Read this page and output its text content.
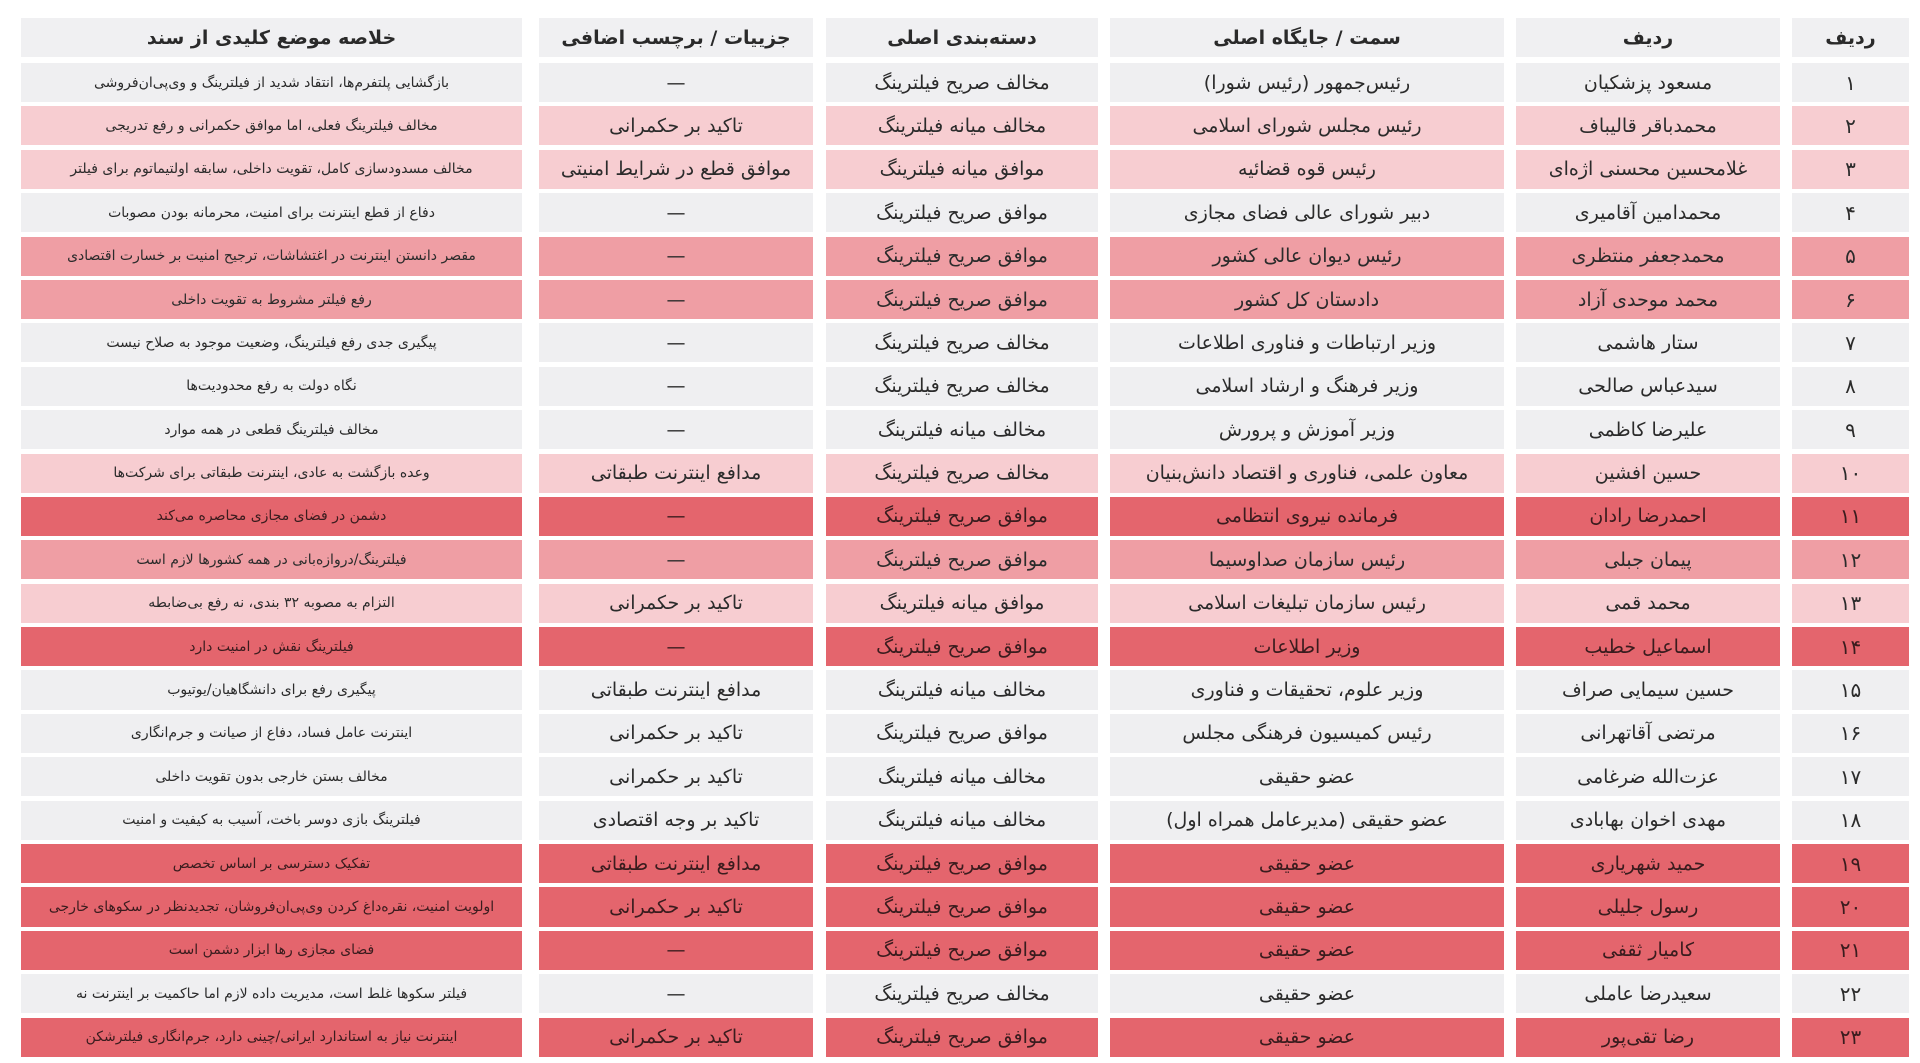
ردیف
ردیف
سمت / جایگاه اصلی
دسته‌بندی اصلی
جزییات / برچسب اضافی
خلاصه موضع کلیدی از سند
۱
مسعود پزشکیان
رئیس‌جمهور (رئیس شورا)
مخالف صریح فیلترینگ
—
بازگشایی پلتفرم‌ها، انتقاد شدید از فیلترینگ و وی‌پی‌ان‌فروشی
۲
محمدباقر قالیباف
رئیس مجلس شورای اسلامی
مخالف میانه فیلترینگ
تاکید بر حکمرانی
مخالف فیلترینگ فعلی، اما موافق حکمرانی و رفع تدریجی
۳
غلامحسین محسنی اژه‌ای
رئیس قوه قضائیه
موافق میانه فیلترینگ
موافق قطع در شرایط امنیتی
مخالف مسدودسازی کامل، تقویت داخلی، سابقه اولتیماتوم برای فیلتر
۴
محمدامین آقامیری
دبیر شورای عالی فضای مجازی
موافق صریح فیلترینگ
—
دفاع از قطع اینترنت برای امنیت، محرمانه بودن مصوبات
۵
محمدجعفر منتظری
رئیس دیوان عالی کشور
موافق صریح فیلترینگ
—
مقصر دانستن اینترنت در اغتشاشات، ترجیح امنیت بر خسارت اقتصادی
۶
محمد موحدی آزاد
دادستان کل کشور
موافق صریح فیلترینگ
—
رفع فیلتر مشروط به تقویت داخلی
۷
ستار هاشمی
وزیر ارتباطات و فناوری اطلاعات
مخالف صریح فیلترینگ
—
پیگیری جدی رفع فیلترینگ، وضعیت موجود به صلاح نیست
۸
سیدعباس صالحی
وزیر فرهنگ و ارشاد اسلامی
مخالف صریح فیلترینگ
—
نگاه دولت به رفع محدودیت‌ها
۹
علیرضا کاظمی
وزیر آموزش و پرورش
مخالف میانه فیلترینگ
—
مخالف فیلترینگ قطعی در همه موارد
۱۰
حسین افشین
معاون علمی، فناوری و اقتصاد دانش‌بنیان
مخالف صریح فیلترینگ
مدافع اینترنت طبقاتی
وعده بازگشت به عادی، اینترنت طبقاتی برای شرکت‌ها
۱۱
احمدرضا رادان
فرمانده نیروی انتظامی
موافق صریح فیلترینگ
—
دشمن در فضای مجازی محاصره می‌کند
۱۲
پیمان جبلی
رئیس سازمان صداوسیما
موافق صریح فیلترینگ
—
فیلترینگ/دروازه‌بانی در همه کشورها لازم است
۱۳
محمد قمی
رئیس سازمان تبلیغات اسلامی
موافق میانه فیلترینگ
تاکید بر حکمرانی
التزام به مصوبه ۳۲ بندی، نه رفع بی‌ضابطه
۱۴
اسماعیل خطیب
وزیر اطلاعات
موافق صریح فیلترینگ
—
فیلترینگ نقش در امنیت دارد
۱۵
حسین سیمایی صراف
وزیر علوم، تحقیقات و فناوری
مخالف میانه فیلترینگ
مدافع اینترنت طبقاتی
پیگیری رفع برای دانشگاهیان/یوتیوب
۱۶
مرتضی آقاتهرانی
رئیس کمیسیون فرهنگی مجلس
موافق صریح فیلترینگ
تاکید بر حکمرانی
اینترنت عامل فساد، دفاع از صیانت و جرم‌انگاری
۱۷
عزت‌الله ضرغامی
عضو حقیقی
مخالف میانه فیلترینگ
تاکید بر حکمرانی
مخالف بستن خارجی بدون تقویت داخلی
۱۸
مهدی اخوان بهابادی
عضو حقیقی (مدیرعامل همراه اول)
مخالف میانه فیلترینگ
تاکید بر وجه اقتصادی
فیلترینگ بازی دوسر باخت، آسیب به کیفیت و امنیت
۱۹
حمید شهریاری
عضو حقیقی
موافق صریح فیلترینگ
مدافع اینترنت طبقاتی
تفکیک دسترسی بر اساس تخصص
۲۰
رسول جلیلی
عضو حقیقی
موافق صریح فیلترینگ
تاکید بر حکمرانی
اولویت امنیت، نقره‌داغ کردن وی‌پی‌ان‌فروشان، تجدیدنظر در سکوهای خارجی
۲۱
کامیار ثقفی
عضو حقیقی
موافق صریح فیلترینگ
—
فضای مجازی رها ابزار دشمن است
۲۲
سعیدرضا عاملی
عضو حقیقی
مخالف صریح فیلترینگ
—
فیلتر سکوها غلط است، مدیریت داده لازم اما حاکمیت بر اینترنت نه
۲۳
رضا تقی‌پور
عضو حقیقی
موافق صریح فیلترینگ
تاکید بر حکمرانی
اینترنت نیاز به استاندارد ایرانی/چینی دارد، جرم‌انگاری فیلترشکن
